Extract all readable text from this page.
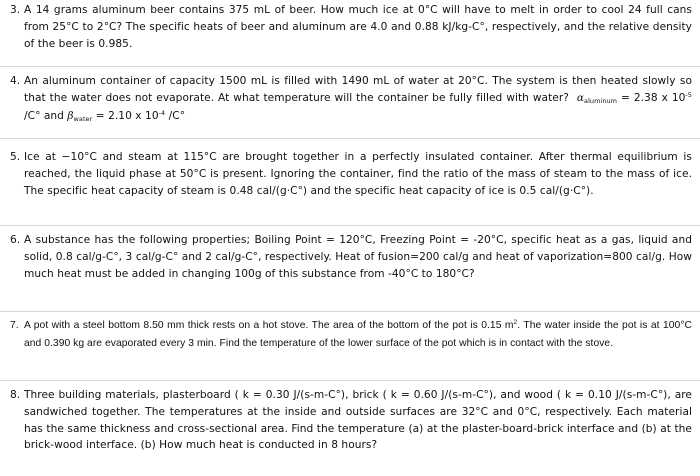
3. A 14 grams aluminum beer contains 375 mL of beer. How much ice at 0°C will have to melt in order to cool 24 full cans from 25°C to 2°C? The specific heats of beer and aluminum are 4.0 and 0.88 kJ/kg-C°, respectively, and the relative density of the beer is 0.985.
4. An aluminum container of capacity 1500 mL is filled with 1490 mL of water at 20°C. The system is then heated slowly so that the water does not evaporate. At what temperature will the container be fully filled with water? αaluminum = 2.38 x $10^{-5}$ /C° and βwater = 2.10 x $10^{-4}$ /C°
5. Ice at −10°C and steam at 115°C are brought together in a perfectly insulated container. After thermal equilibrium is reached, the liquid phase at 50°C is present. Ignoring the container, find the ratio of the mass of steam to the mass of ice. The specific heat capacity of steam is 0.48 cal/(g·C°) and the specific heat capacity of ice is 0.5 cal/(g·C°).
6. A substance has the following properties; Boiling Point = 120°C, Freezing Point = -20°C, specific heat as a gas, liquid and solid, 0.8 cal/g-C°, 3 cal/g-C° and 2 cal/g-C°, respectively. Heat of fusion=200 cal/g and heat of vaporization=800 cal/g. How much heat must be added in changing 100g of this substance from -40°C to 180°C?
7. A pot with a steel bottom 8.50 mm thick rests on a hot stove. The area of the bottom of the pot is 0.15 $m^2$. The water inside the pot is at 100°C and 0.390 kg are evaporated every 3 min. Find the temperature of the lower surface of the pot which is in contact with the stove.
8. Three building materials, plasterboard ( k = 0.30 J/(s-m-C°), brick ( k = 0.60 J/(s-m-C°), and wood ( k = 0.10 J/(s-m-C°), are sandwiched together. The temperatures at the inside and outside surfaces are 32°C and 0°C, respectively. Each material has the same thickness and cross-sectional area. Find the temperature (a) at the plaster-board-brick interface and (b) at the brick-wood interface. (b) How much heat is conducted in 8 hours?
